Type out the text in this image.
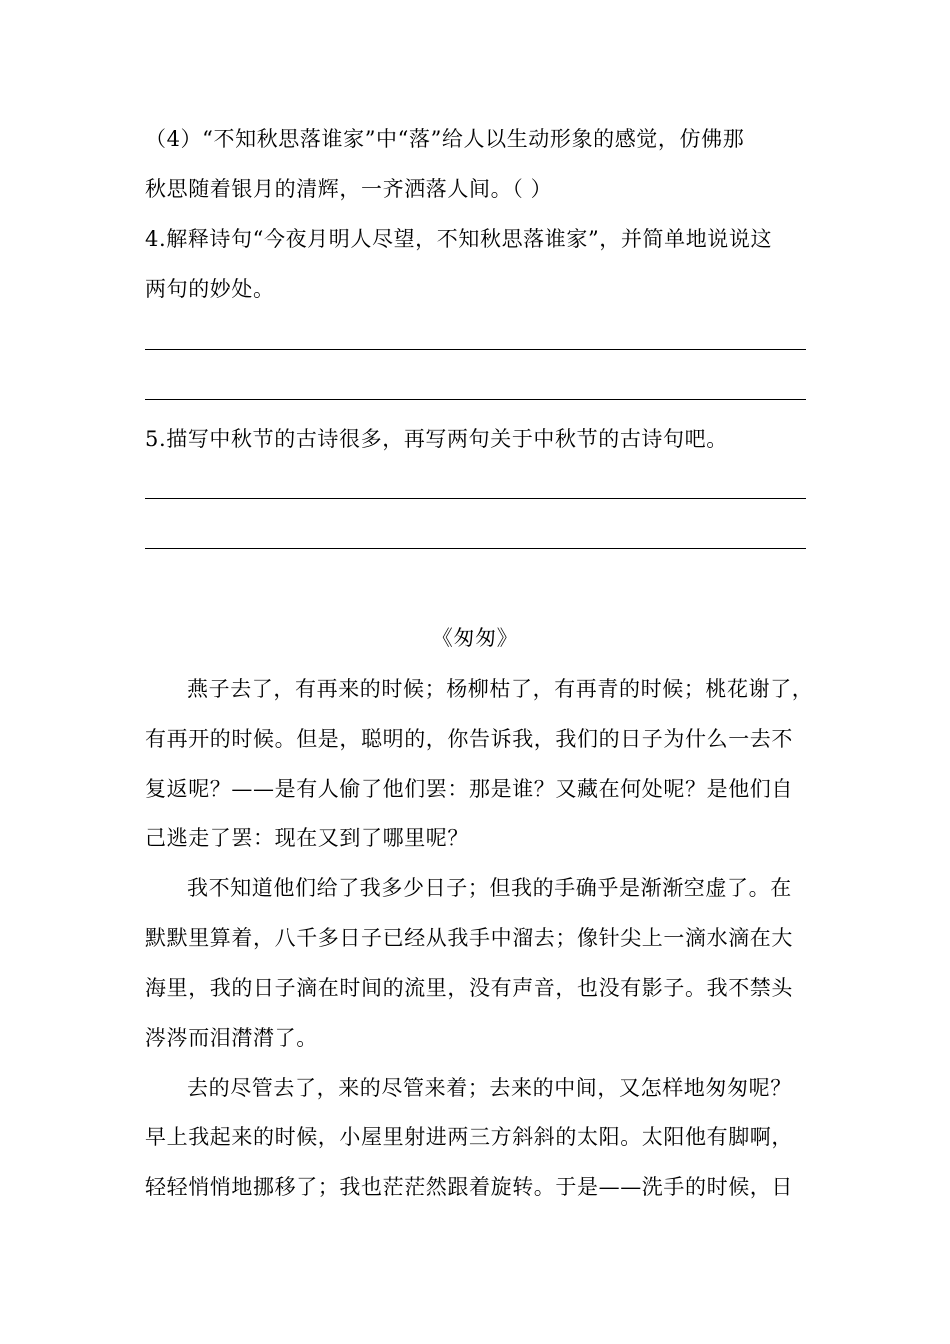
（4）“不知秋思落谁家”中“落”给人以生动形象的感觉，仿佛那
秋思随着银月的清辉，一齐洒落人间。（ ）
4.解释诗句“今夜月明人尽望，不知秋思落谁家”，并简单地说说这
两句的妙处。
5.描写中秋节的古诗很多，再写两句关于中秋节的古诗句吧。
《匆匆》
燕子去了，有再来的时候；杨柳枯了，有再青的时候；桃花谢了，
有再开的时候。但是，聪明的，你告诉我，我们的日子为什么一去不
复返呢？——是有人偷了他们罢：那是谁？又藏在何处呢？是他们自
己逃走了罢：现在又到了哪里呢？
我不知道他们给了我多少日子；但我的手确乎是渐渐空虚了。在
默默里算着，八千多日子已经从我手中溜去；像针尖上一滴水滴在大
海里，我的日子滴在时间的流里，没有声音，也没有影子。我不禁头
涔涔而泪潸潸了。
去的尽管去了，来的尽管来着；去来的中间，又怎样地匆匆呢？
早上我起来的时候，小屋里射进两三方斜斜的太阳。太阳他有脚啊，
轻轻悄悄地挪移了；我也茫茫然跟着旋转。于是——洗手的时候，日
